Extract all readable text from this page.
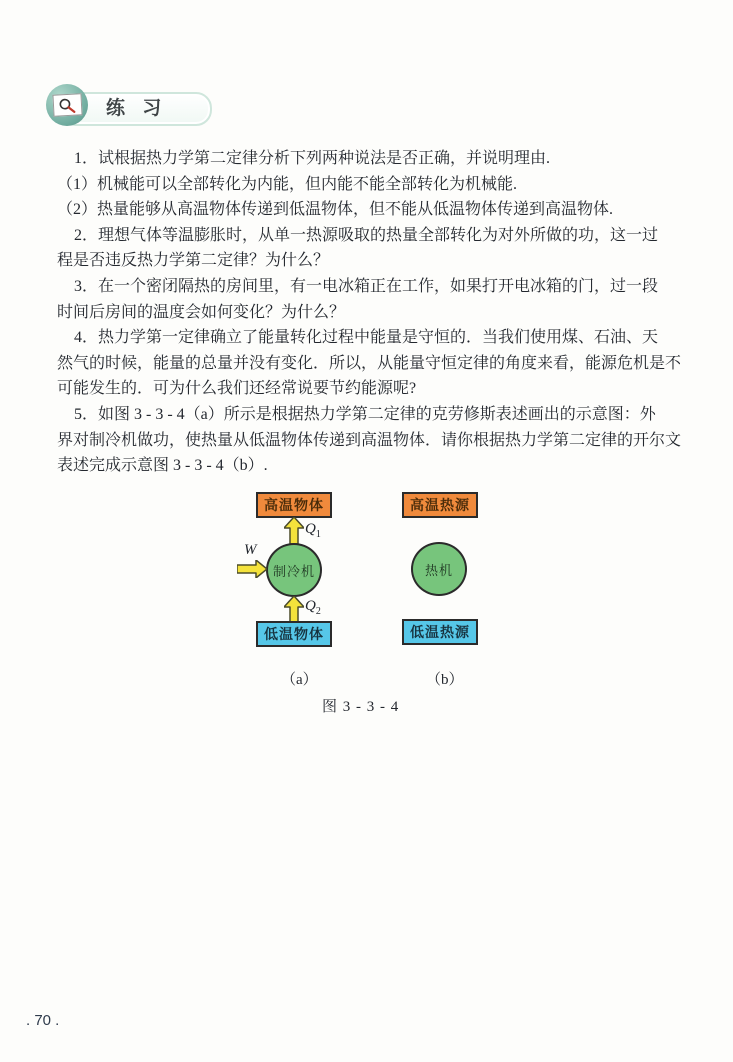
练 习
1．试根据热力学第二定律分析下列两种说法是否正确，并说明理由.
（1）机械能可以全部转化为内能，但内能不能全部转化为机械能.
（2）热量能够从高温物体传递到低温物体，但不能从低温物体传递到高温物体.
2．理想气体等温膨胀时，从单一热源吸取的热量全部转化为对外所做的功，这一过
程是否违反热力学第二定律？为什么？
3．在一个密闭隔热的房间里，有一电冰箱正在工作，如果打开电冰箱的门，过一段
时间后房间的温度会如何变化？为什么？
4．热力学第一定律确立了能量转化过程中能量是守恒的．当我们使用煤、石油、天
然气的时候，能量的总量并没有变化．所以，从能量守恒定律的角度来看，能源危机是不
可能发生的．可为什么我们还经常说要节约能源呢?
5．如图 3 - 3 - 4（a）所示是根据热力学第二定律的克劳修斯表述画出的示意图：外
界对制冷机做功，使热量从低温物体传递到高温物体．请你根据热力学第二定律的开尔文
表述完成示意图 3 - 3 - 4（b）.
高温物体
$Q_1$
制冷机
W
$Q_2$
低温物体
高温热源
热机
低温热源
（a）	（b）
图 3 - 3 - 4
. 70 .
